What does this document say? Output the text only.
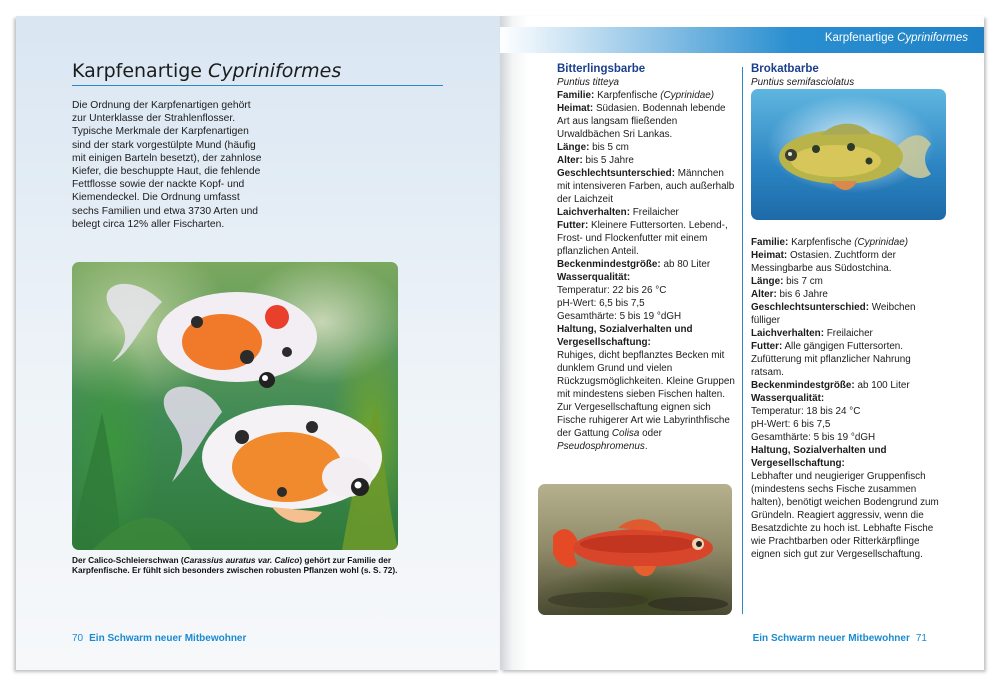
Karpfenartige Cypriniformes

Die Ordnung der Karpfenartigen gehört zur Unterklasse der Strahlenflosser. Typische Merkmale der Karpfenartigen sind der stark vorgestülpte Mund (häufig mit einigen Barteln besetzt), der zahnlose Kiefer, die beschuppte Haut, die fehlende Fettflosse sowie der nackte Kopf- und Kiemendeckel. Die Ordnung umfasst sechs Familien und etwa 3730 Arten und belegt circa 12% aller Fischarten.

Der Calico-Schleierschwan (Carassius auratus var. Calico) gehört zur Familie der Karpfenfische. Er fühlt sich besonders zwischen robusten Pflanzen wohl (s. S. 72).
70 Ein Schwarm neuer Mitbewohner
Karpfenartige Cypriniformes

Bitterlingsbarbe

Puntius titteya

Familie: Karpfenfische (Cyprinidae)

Heimat: Südasien. Bodennah lebende Art aus langsam fließenden Urwaldbächen Sri Lankas.

Länge: bis 5 cm

Alter: bis 5 Jahre

Geschlechtsunterschied: Männchen mit intensiveren Farben, auch außerhalb der Laichzeit

Laichverhalten: Freilaicher

Futter: Kleinere Futtersorten. Lebend-, Frost- und Flockenfutter mit einem pflanzlichen Anteil.

Beckenmindestgröße: ab 80 Liter

Wasserqualität:

Temperatur: 22 bis 26 °C

pH-Wert: 6,5 bis 7,5

Gesamthärte: 5 bis 19 °dGH

Haltung, Sozialverhalten und Vergesellschaftung:
Ruhiges, dicht bepflanztes Becken mit dunklem Grund und vielen Rückzugsmöglichkeiten. Kleine Gruppen mit mindestens sieben Fischen halten. Zur Vergesellschaftung eignen sich Fische ruhigerer Art wie Labyrinthfische der Gattung Colisa oder Pseudosphromenus.

Brokatbarbe

Puntius semifasciolatus

Familie: Karpfenfische (Cyprinidae)

Heimat: Ostasien. Zuchtform der Messingbarbe aus Südostchina.

Länge: bis 7 cm

Alter: bis 6 Jahre

Geschlechtsunterschied: Weibchen fülliger

Laichverhalten: Freilaicher

Futter: Alle gängigen Futtersorten. Zufütterung mit pflanzlicher Nahrung ratsam.

Beckenmindestgröße: ab 100 Liter

Wasserqualität:

Temperatur: 18 bis 24 °C

pH-Wert: 6 bis 7,5

Gesamthärte: 5 bis 19 °dGH

Haltung, Sozialverhalten und Vergesellschaftung:
Lebhafter und neugieriger Gruppenfisch (mindestens sechs Fische zusammen halten), benötigt weichen Bodengrund zum Gründeln. Reagiert aggressiv, wenn die Besatzdichte zu hoch ist. Lebhafte Fische wie Prachtbarben oder Ritterkärpflinge eignen sich gut zur Vergesellschaftung.

Ein Schwarm neuer Mitbewohner 71
